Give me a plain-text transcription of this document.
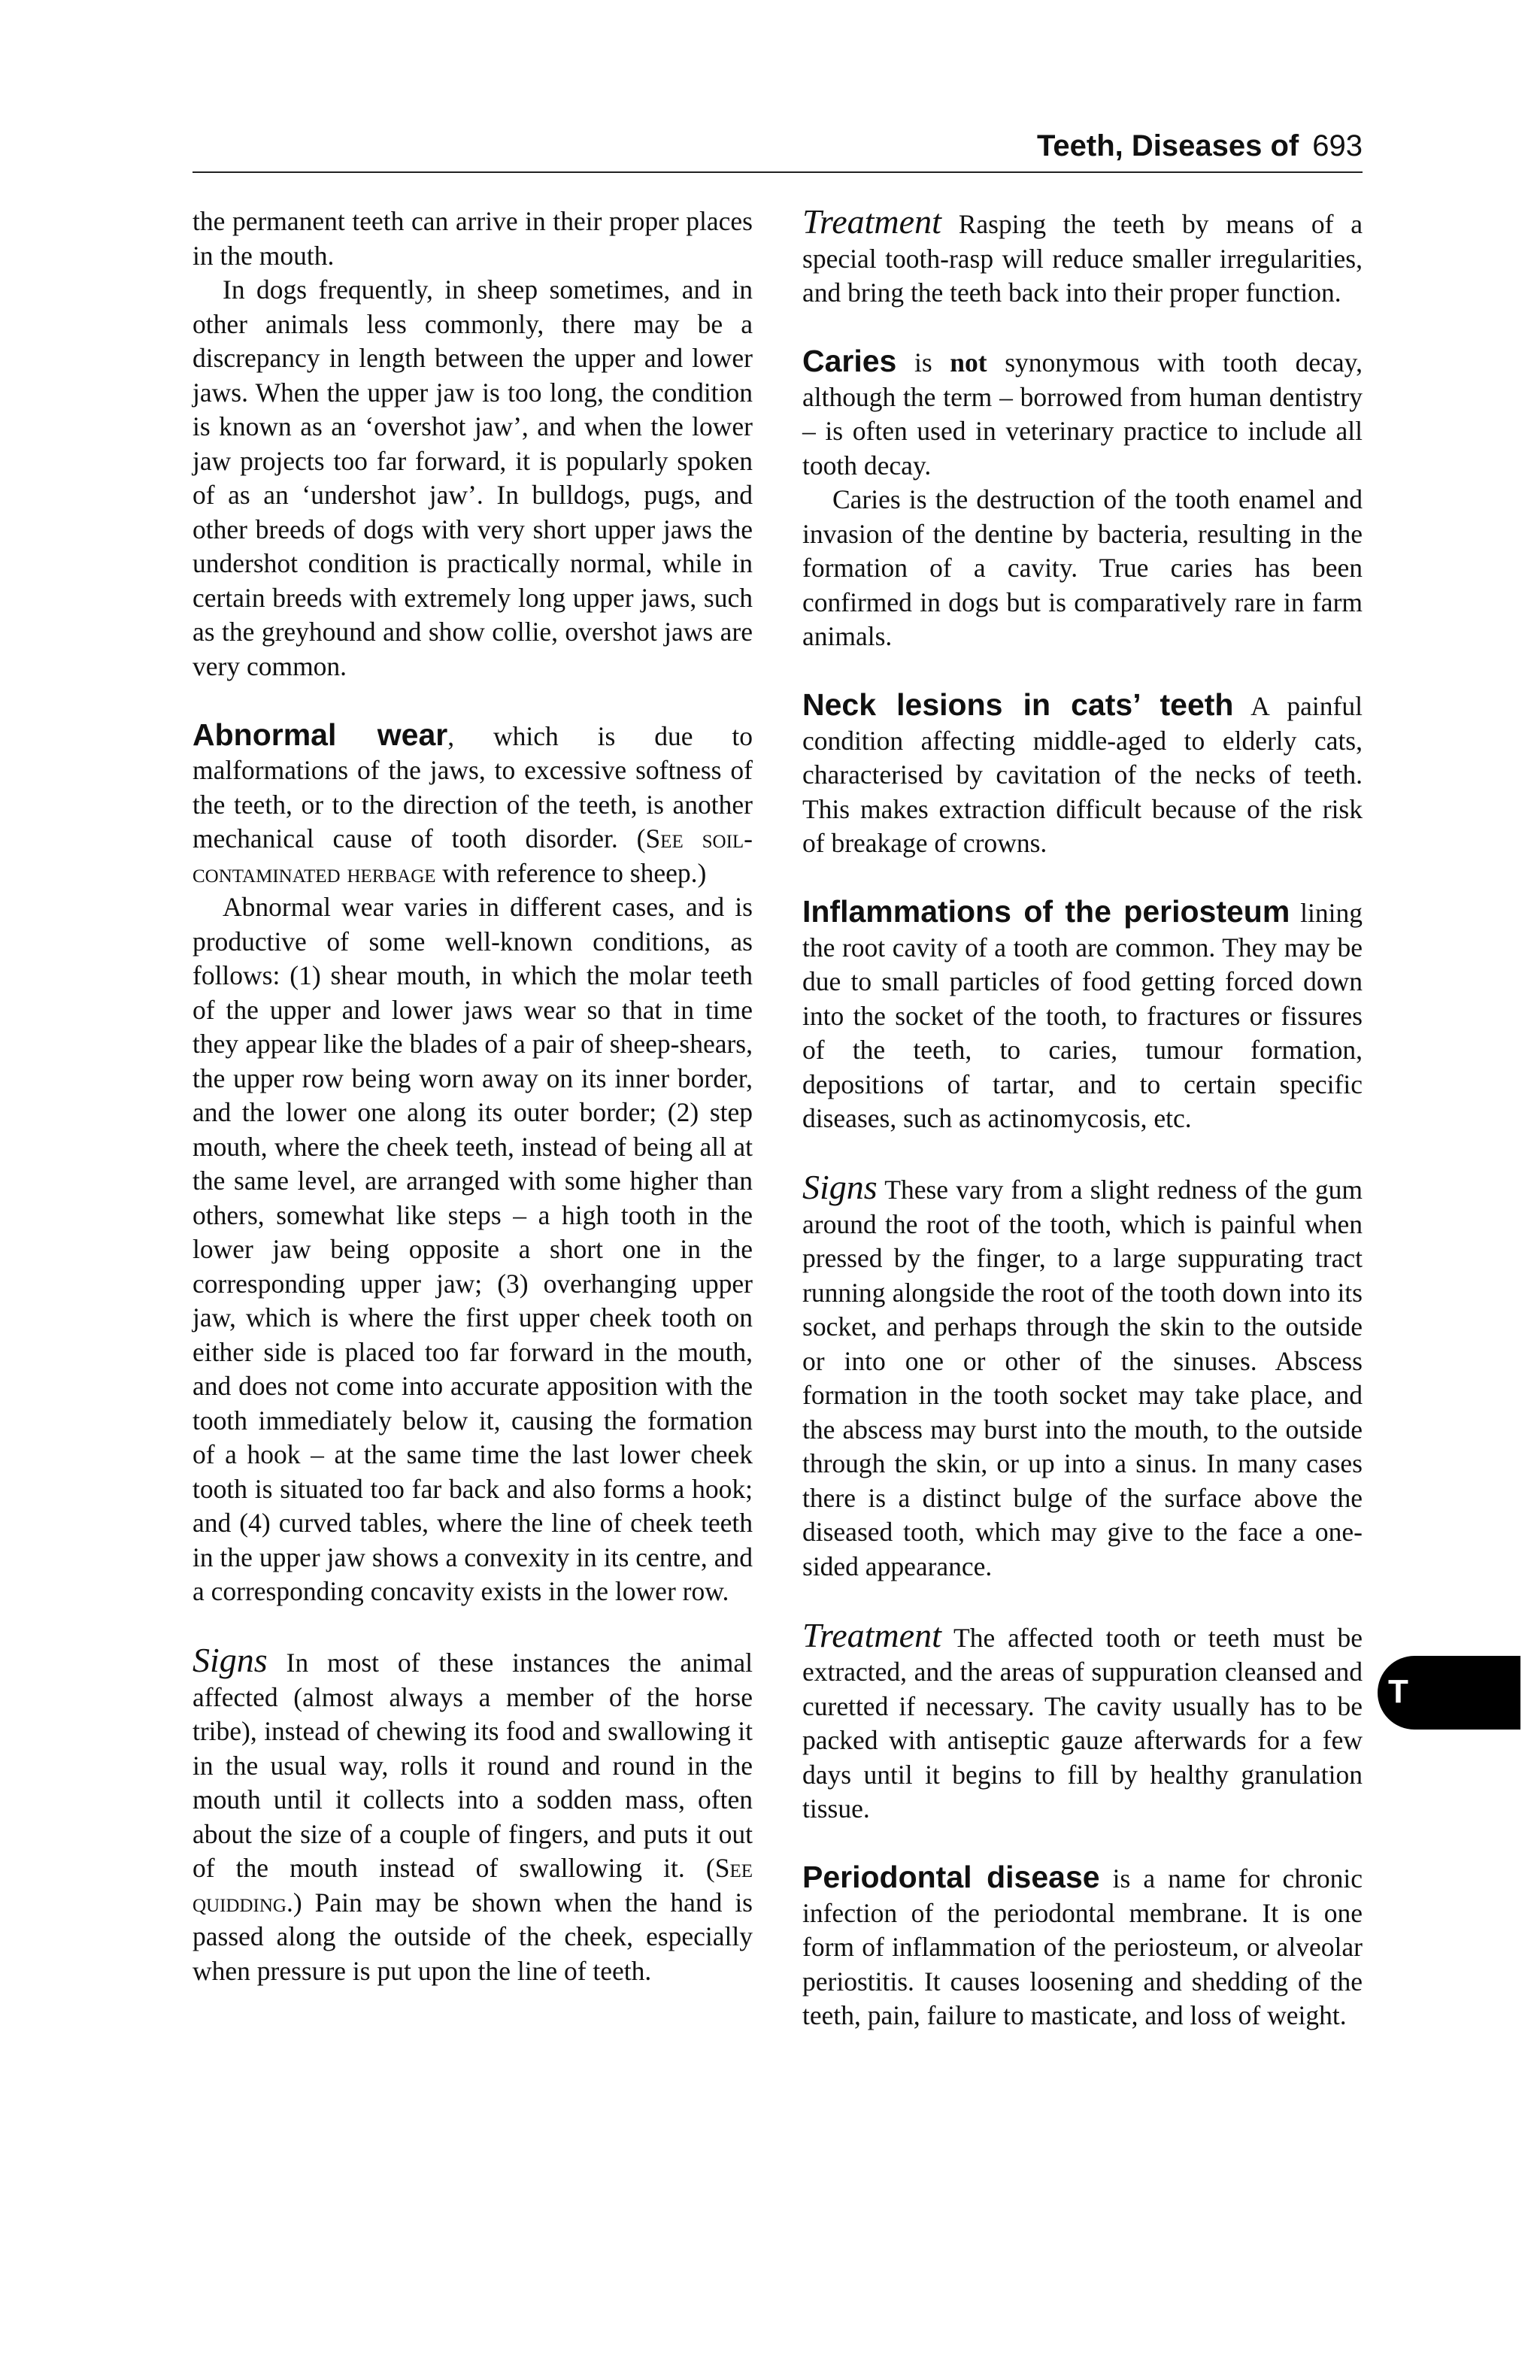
Teeth, Diseases of 693

the permanent teeth can arrive in their proper places in the mouth.

In dogs frequently, in sheep sometimes, and in other animals less commonly, there may be a discrepancy in length between the upper and lower jaws. When the upper jaw is too long, the condition is known as an ‘overshot jaw’, and when the lower jaw projects too far forward, it is popularly spoken of as an ‘undershot jaw’. In bulldogs, pugs, and other breeds of dogs with very short upper jaws the undershot condition is practically normal, while in certain breeds with extremely long upper jaws, such as the greyhound and show collie, overshot jaws are very common.

Abnormal wear, which is due to malformations of the jaws, to excessive softness of the teeth, or to the direction of the teeth, is another mechanical cause of tooth disorder. (See soil-contaminated herbage with reference to sheep.)

Abnormal wear varies in different cases, and is productive of some well-known conditions, as follows: (1) shear mouth, in which the molar teeth of the upper and lower jaws wear so that in time they appear like the blades of a pair of sheep-shears, the upper row being worn away on its inner border, and the lower one along its outer border; (2) step mouth, where the cheek teeth, instead of being all at the same level, are arranged with some higher than others, somewhat like steps – a high tooth in the lower jaw being opposite a short one in the corresponding upper jaw; (3) overhanging upper jaw, which is where the first upper cheek tooth on either side is placed too far forward in the mouth, and does not come into accurate apposition with the tooth immediately below it, causing the formation of a hook – at the same time the last lower cheek tooth is situated too far back and also forms a hook; and (4) curved tables, where the line of cheek teeth in the upper jaw shows a convexity in its centre, and a corresponding concavity exists in the lower row.

Signs In most of these instances the animal affected (almost always a member of the horse tribe), instead of chewing its food and swallowing it in the usual way, rolls it round and round in the mouth until it collects into a sodden mass, often about the size of a couple of fingers, and puts it out of the mouth instead of swallowing it. (See quidding.) Pain may be shown when the hand is passed along the outside of the cheek, especially when pressure is put upon the line of teeth.

Treatment Rasping the teeth by means of a special tooth-rasp will reduce smaller irregularities, and bring the teeth back into their proper function.

Caries is not synonymous with tooth decay, although the term – borrowed from human dentistry – is often used in veterinary practice to include all tooth decay.

Caries is the destruction of the tooth enamel and invasion of the dentine by bacteria, resulting in the formation of a cavity. True caries has been confirmed in dogs but is comparatively rare in farm animals.

Neck lesions in cats’ teeth A painful condition affecting middle-aged to elderly cats, characterised by cavitation of the necks of teeth. This makes extraction difficult because of the risk of breakage of crowns.

Inflammations of the periosteum lining the root cavity of a tooth are common. They may be due to small particles of food getting forced down into the socket of the tooth, to fractures or fissures of the teeth, to caries, tumour formation, depositions of tartar, and to certain specific diseases, such as actinomycosis, etc.

Signs These vary from a slight redness of the gum around the root of the tooth, which is painful when pressed by the finger, to a large suppurating tract running alongside the root of the tooth down into its socket, and perhaps through the skin to the outside or into one or other of the sinuses. Abscess formation in the tooth socket may take place, and the abscess may burst into the mouth, to the outside through the skin, or up into a sinus. In many cases there is a distinct bulge of the surface above the diseased tooth, which may give to the face a one-sided appearance.

Treatment The affected tooth or teeth must be extracted, and the areas of suppuration cleansed and curetted if necessary. The cavity usually has to be packed with antiseptic gauze afterwards for a few days until it begins to fill by healthy granulation tissue.

Periodontal disease is a name for chronic infection of the periodontal membrane. It is one form of inflammation of the periosteum, or alveolar periostitis. It causes loosening and shedding of the teeth, pain, failure to masticate, and loss of weight.

T
